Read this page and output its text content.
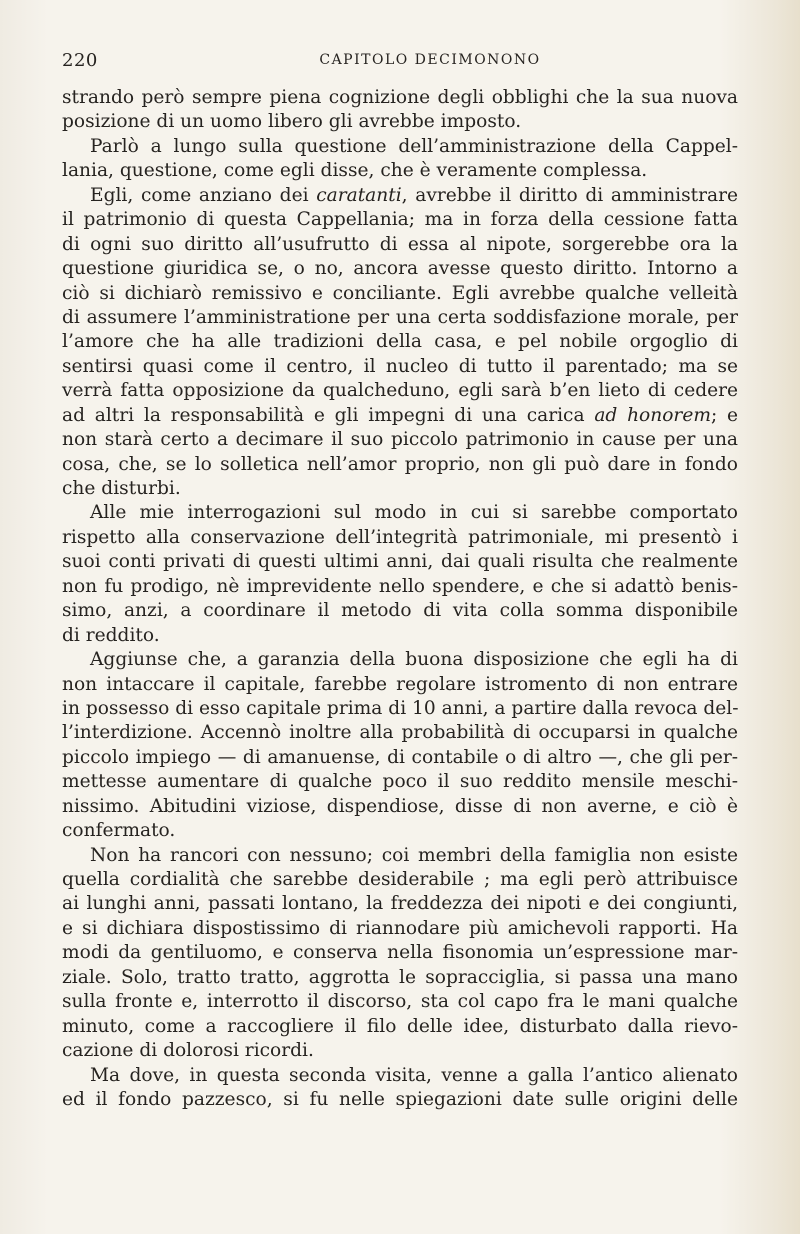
220	CAPITOLO DECIMONONO
strando però sempre piena cognizione degli obblighi che la sua nuova
posizione di un uomo libero gli avrebbe imposto.
Parlò a lungo sulla questione dell’amministrazione della Cappel-
lania, questione, come egli disse, che è veramente complessa.
Egli, come anziano dei caratanti, avrebbe il diritto di amministrare
il patrimonio di questa Cappellania; ma in forza della cessione fatta
di ogni suo diritto all’usufrutto di essa al nipote, sorgerebbe ora la
questione giuridica se, o no, ancora avesse questo diritto. Intorno a
ciò si dichiarò remissivo e conciliante. Egli avrebbe qualche velleità
di assumere l’amministratione per una certa soddisfazione morale, per
l’amore che ha alle tradizioni della casa, e pel nobile orgoglio di
sentirsi quasi come il centro, il nucleo di tutto il parentado; ma se
verrà fatta opposizione da qualcheduno, egli sarà b’en lieto di cedere
ad altri la responsabilità e gli impegni di una carica ad honorem; e
non starà certo a decimare il suo piccolo patrimonio in cause per una
cosa, che, se lo solletica nell’amor proprio, non gli può dare in fondo
che disturbi.
Alle mie interrogazioni sul modo in cui si sarebbe comportato
rispetto alla conservazione dell’integrità patrimoniale, mi presentò i
suoi conti privati di questi ultimi anni, dai quali risulta che realmente
non fu prodigo, nè imprevidente nello spendere, e che si adattò benis-
simo, anzi, a coordinare il metodo di vita colla somma disponibile
di reddito.
Aggiunse che, a garanzia della buona disposizione che egli ha di
non intaccare il capitale, farebbe regolare istromento di non entrare
in possesso di esso capitale prima di 10 anni, a partire dalla revoca del-
l’interdizione. Accennò inoltre alla probabilità di occuparsi in qualche
piccolo impiego — di amanuense, di contabile o di altro —, che gli per-
mettesse aumentare di qualche poco il suo reddito mensile meschi-
nissimo. Abitudini viziose, dispendiose, disse di non averne, e ciò è
confermato.
Non ha rancori con nessuno; coi membri della famiglia non esiste
quella cordialità che sarebbe desiderabile ; ma egli però attribuisce
ai lunghi anni, passati lontano, la freddezza dei nipoti e dei congiunti,
e si dichiara dispostissimo di riannodare più amichevoli rapporti. Ha
modi da gentiluomo, e conserva nella fisonomia un’espressione mar-
ziale. Solo, tratto tratto, aggrotta le sopracciglia, si passa una mano
sulla fronte e, interrotto il discorso, sta col capo fra le mani qualche
minuto, come a raccogliere il filo delle idee, disturbato dalla rievo-
cazione di dolorosi ricordi.
Ma dove, in questa seconda visita, venne a galla l’antico alienato
ed il fondo pazzesco, si fu nelle spiegazioni date sulle origini delle
